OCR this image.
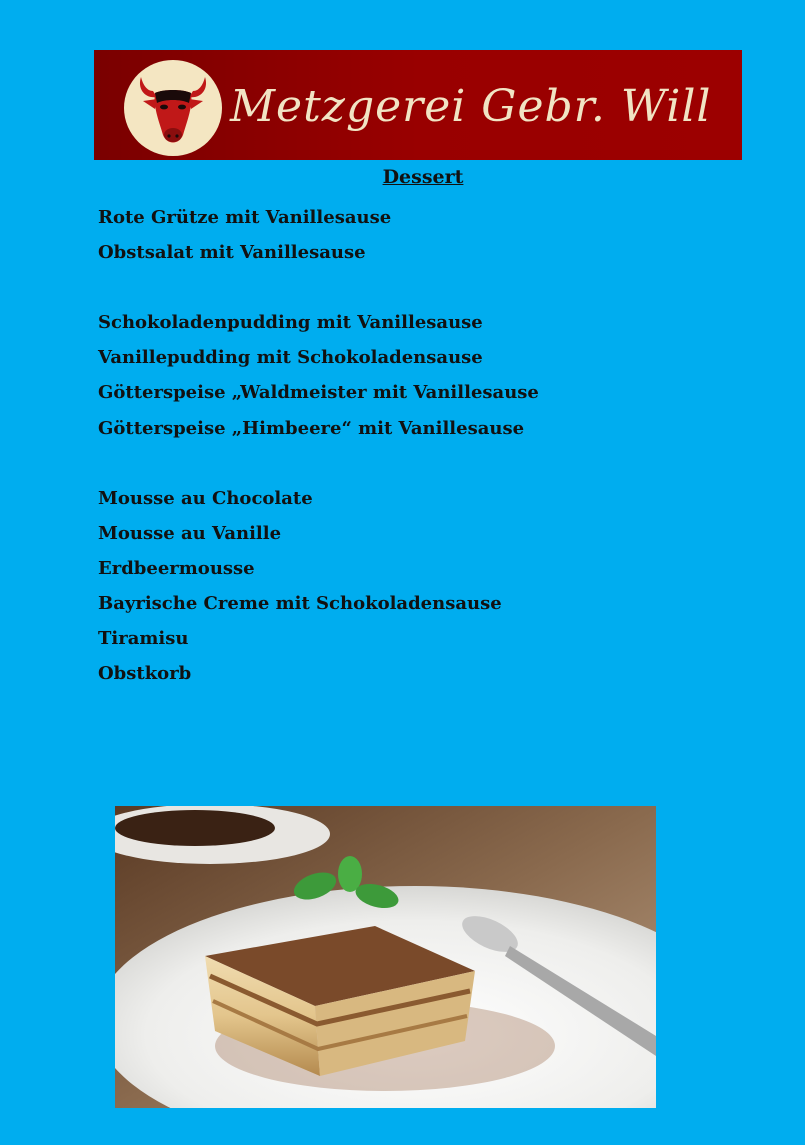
Metzgerei Gebr. Will
Dessert
Rote Grütze mit Vanillesause
Obstsalat mit Vanillesause
Schokoladenpudding mit Vanillesause
Vanillepudding mit Schokoladensause
Götterspeise „Waldmeister mit Vanillesause
Götterspeise „Himbeere“ mit Vanillesause
Mousse au Chocolate
Mousse au Vanille
Erdbeermousse
Bayrische Creme mit Schokoladensause
Tiramisu
Obstkorb
